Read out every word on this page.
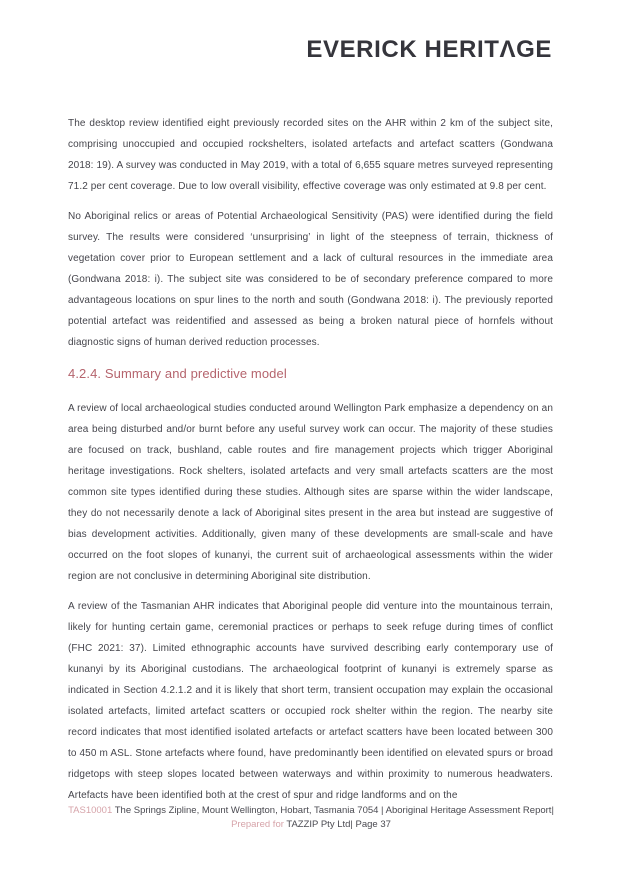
EVERICK HERITΛGE

The desktop review identified eight previously recorded sites on the AHR within 2 km of the subject site, comprising unoccupied and occupied rockshelters, isolated artefacts and artefact scatters (Gondwana 2018: 19). A survey was conducted in May 2019, with a total of 6,655 square metres surveyed representing 71.2 per cent coverage. Due to low overall visibility, effective coverage was only estimated at 9.8 per cent.

No Aboriginal relics or areas of Potential Archaeological Sensitivity (PAS) were identified during the field survey. The results were considered ‘unsurprising’ in light of the steepness of terrain, thickness of vegetation cover prior to European settlement and a lack of cultural resources in the immediate area (Gondwana 2018: i). The subject site was considered to be of secondary preference compared to more advantageous locations on spur lines to the north and south (Gondwana 2018: i). The previously reported potential artefact was reidentified and assessed as being a broken natural piece of hornfels without diagnostic signs of human derived reduction processes.

4.2.4. Summary and predictive model

A review of local archaeological studies conducted around Wellington Park emphasize a dependency on an area being disturbed and/or burnt before any useful survey work can occur. The majority of these studies are focused on track, bushland, cable routes and fire management projects which trigger Aboriginal heritage investigations. Rock shelters, isolated artefacts and very small artefacts scatters are the most common site types identified during these studies. Although sites are sparse within the wider landscape, they do not necessarily denote a lack of Aboriginal sites present in the area but instead are suggestive of bias development activities. Additionally, given many of these developments are small-scale and have occurred on the foot slopes of kunanyi, the current suit of archaeological assessments within the wider region are not conclusive in determining Aboriginal site distribution.

A review of the Tasmanian AHR indicates that Aboriginal people did venture into the mountainous terrain, likely for hunting certain game, ceremonial practices or perhaps to seek refuge during times of conflict (FHC 2021: 37). Limited ethnographic accounts have survived describing early contemporary use of kunanyi by its Aboriginal custodians. The archaeological footprint of kunanyi is extremely sparse as indicated in Section 4.2.1.2 and it is likely that short term, transient occupation may explain the occasional isolated artefacts, limited artefact scatters or occupied rock shelter within the region. The nearby site record indicates that most identified isolated artefacts or artefact scatters have been located between 300 to 450 m ASL. Stone artefacts where found, have predominantly been identified on elevated spurs or broad ridgetops with steep slopes located between waterways and within proximity to numerous headwaters. Artefacts have been identified both at the crest of spur and ridge landforms and on the

TAS10001 The Springs Zipline, Mount Wellington, Hobart, Tasmania 7054 | Aboriginal Heritage Assessment Report|
Prepared for TAZZIP Pty Ltd| Page 37
